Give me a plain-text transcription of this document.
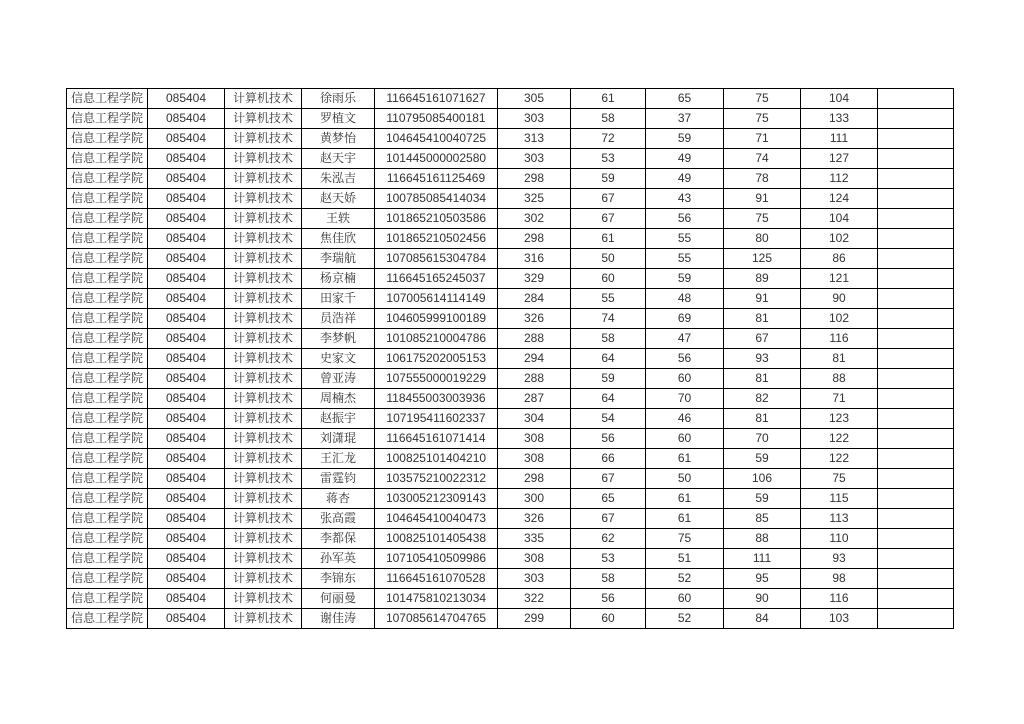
信息工程学院	085404	计算机技术	徐雨乐	116645161071627	305	61	65	75	104	
信息工程学院	085404	计算机技术	罗植文	110795085400181	303	58	37	75	133	
信息工程学院	085404	计算机技术	黄梦怡	104645410040725	313	72	59	71	111	
信息工程学院	085404	计算机技术	赵天宇	101445000002580	303	53	49	74	127	
信息工程学院	085404	计算机技术	朱泓吉	116645161125469	298	59	49	78	112	
信息工程学院	085404	计算机技术	赵天娇	100785085414034	325	67	43	91	124	
信息工程学院	085404	计算机技术	王轶	101865210503586	302	67	56	75	104	
信息工程学院	085404	计算机技术	焦佳欣	101865210502456	298	61	55	80	102	
信息工程学院	085404	计算机技术	李瑞航	107085615304784	316	50	55	125	86	
信息工程学院	085404	计算机技术	杨京楠	116645165245037	329	60	59	89	121	
信息工程学院	085404	计算机技术	田家千	107005614114149	284	55	48	91	90	
信息工程学院	085404	计算机技术	员浩祥	104605999100189	326	74	69	81	102	
信息工程学院	085404	计算机技术	李梦帆	101085210004786	288	58	47	67	116	
信息工程学院	085404	计算机技术	史家文	106175202005153	294	64	56	93	81	
信息工程学院	085404	计算机技术	曾亚涛	107555000019229	288	59	60	81	88	
信息工程学院	085404	计算机技术	周楠杰	118455003003936	287	64	70	82	71	
信息工程学院	085404	计算机技术	赵振宇	107195411602337	304	54	46	81	123	
信息工程学院	085404	计算机技术	刘潇琨	116645161071414	308	56	60	70	122	
信息工程学院	085404	计算机技术	王汇龙	100825101404210	308	66	61	59	122	
信息工程学院	085404	计算机技术	雷霆钧	103575210022312	298	67	50	106	75	
信息工程学院	085404	计算机技术	蒋杏	103005212309143	300	65	61	59	115	
信息工程学院	085404	计算机技术	张高霞	104645410040473	326	67	61	85	113	
信息工程学院	085404	计算机技术	李都保	100825101405438	335	62	75	88	110	
信息工程学院	085404	计算机技术	孙军英	107105410509986	308	53	51	111	93	
信息工程学院	085404	计算机技术	李锦东	116645161070528	303	58	52	95	98	
信息工程学院	085404	计算机技术	何丽曼	101475810213034	322	56	60	90	116	
信息工程学院	085404	计算机技术	谢佳涛	107085614704765	299	60	52	84	103	
